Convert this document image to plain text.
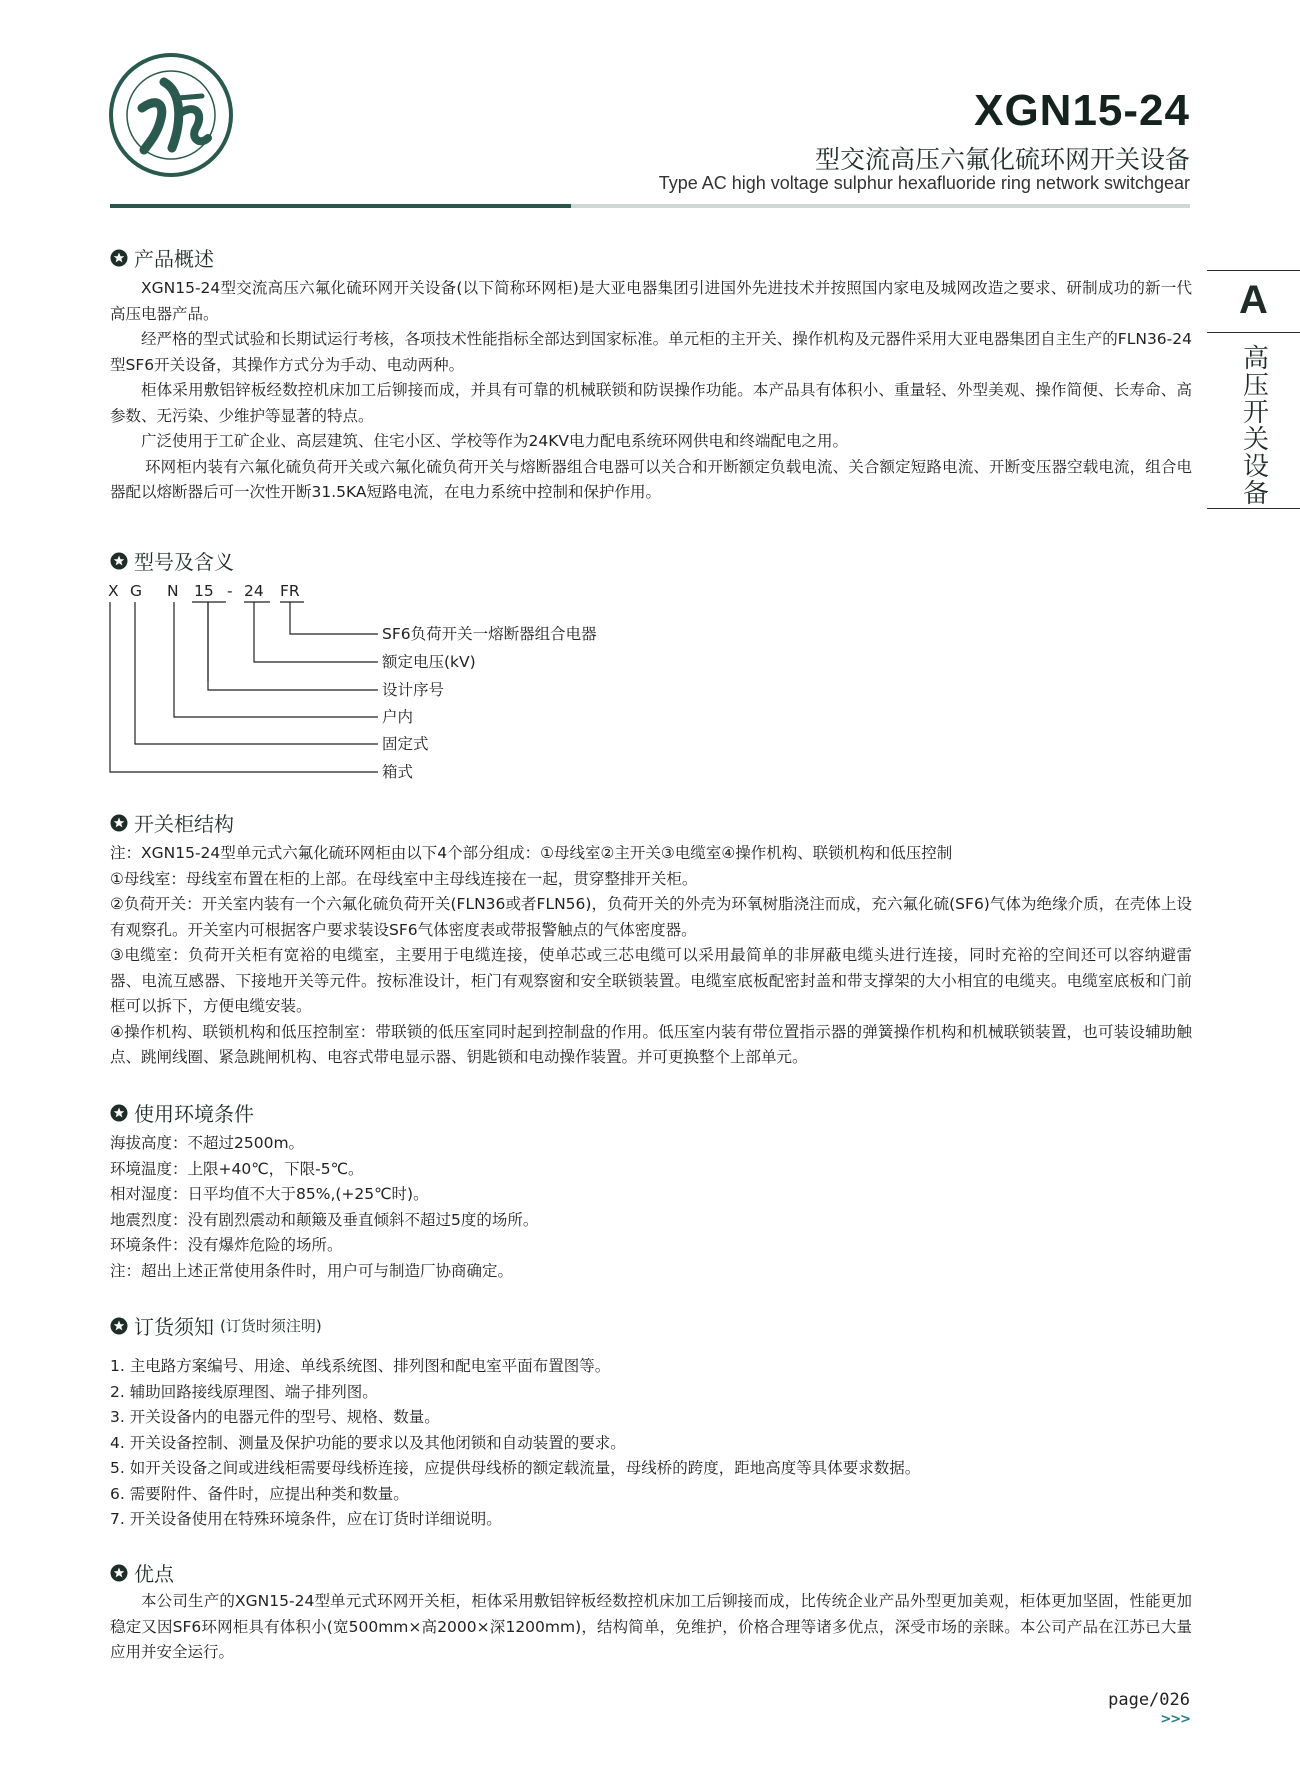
XGN15-24
型交流高压六氟化硫环网开关设备
Type AC high voltage sulphur hexafluoride ring network switchgear
A
高压开关设备
产品概述

XGN15-24型交流高压六氟化硫环网开关设备(以下简称环网柜)是大亚电器集团引进国外先进技术并按照国内家电及城网改造之要求、研制成功的新一代高压电器产品。

经严格的型式试验和长期试运行考核，各项技术性能指标全部达到国家标准。单元柜的主开关、操作机构及元器件采用大亚电器集团自主生产的FLN36-24型SF6开关设备，其操作方式分为手动、电动两种。

柜体采用敷铝锌板经数控机床加工后铆接而成，并具有可靠的机械联锁和防误操作功能。本产品具有体积小、重量轻、外型美观、操作简便、长寿命、高参数、无污染、少维护等显著的特点。

广泛使用于工矿企业、高层建筑、住宅小区、学校等作为24KV电力配电系统环网供电和终端配电之用。

环网柜内装有六氟化硫负荷开关或六氟化硫负荷开关与熔断器组合电器可以关合和开断额定负载电流、关合额定短路电流、开断变压器空载电流，组合电器配以熔断器后可一次性开断31.5KA短路电流，在电力系统中控制和保护作用。

型号及含义
X G N 15 - 24 FR
SF6负荷开关一熔断器组合电器
额定电压(kV)
设计序号
户内
固定式
箱式
开关柜结构

注：XGN15-24型单元式六氟化硫环网柜由以下4个部分组成：①母线室②主开关③电缆室④操作机构、联锁机构和低压控制

①母线室：母线室布置在柜的上部。在母线室中主母线连接在一起，贯穿整排开关柜。

②负荷开关：开关室内装有一个六氟化硫负荷开关(FLN36或者FLN56)，负荷开关的外壳为环氧树脂浇注而成，充六氟化硫(SF6)气体为绝缘介质，在壳体上设有观察孔。开关室内可根据客户要求装设SF6气体密度表或带报警触点的气体密度器。

③电缆室：负荷开关柜有宽裕的电缆室，主要用于电缆连接，使单芯或三芯电缆可以采用最简单的非屏蔽电缆头进行连接，同时充裕的空间还可以容纳避雷器、电流互感器、下接地开关等元件。按标准设计，柜门有观察窗和安全联锁装置。电缆室底板配密封盖和带支撑架的大小相宜的电缆夹。电缆室底板和门前框可以拆下，方便电缆安装。

④操作机构、联锁机构和低压控制室：带联锁的低压室同时起到控制盘的作用。低压室内装有带位置指示器的弹簧操作机构和机械联锁装置，也可装设辅助触点、跳闸线圈、紧急跳闸机构、电容式带电显示器、钥匙锁和电动操作装置。并可更换整个上部单元。

使用环境条件

海拔高度：不超过2500m。

环境温度：上限+40℃，下限-5℃。

相对湿度：日平均值不大于85%,(+25℃时)。

地震烈度：没有剧烈震动和颠簸及垂直倾斜不超过5度的场所。

环境条件：没有爆炸危险的场所。

注：超出上述正常使用条件时，用户可与制造厂协商确定。

订货须知 (订货时须注明)

1. 主电路方案编号、用途、单线系统图、排列图和配电室平面布置图等。

2. 辅助回路接线原理图、端子排列图。

3. 开关设备内的电器元件的型号、规格、数量。

4. 开关设备控制、测量及保护功能的要求以及其他闭锁和自动装置的要求。

5. 如开关设备之间或进线柜需要母线桥连接，应提供母线桥的额定载流量，母线桥的跨度，距地高度等具体要求数据。

6. 需要附件、备件时，应提出种类和数量。

7. 开关设备使用在特殊环境条件，应在订货时详细说明。

优点

本公司生产的XGN15-24型单元式环网开关柜，柜体采用敷铝锌板经数控机床加工后铆接而成，比传统企业产品外型更加美观，柜体更加坚固，性能更加稳定又因SF6环网柜具有体积小(宽500mm×高2000×深1200mm)，结构简单，免维护，价格合理等诸多优点，深受市场的亲睐。本公司产品在江苏已大量应用并安全运行。

page/026
>>>
